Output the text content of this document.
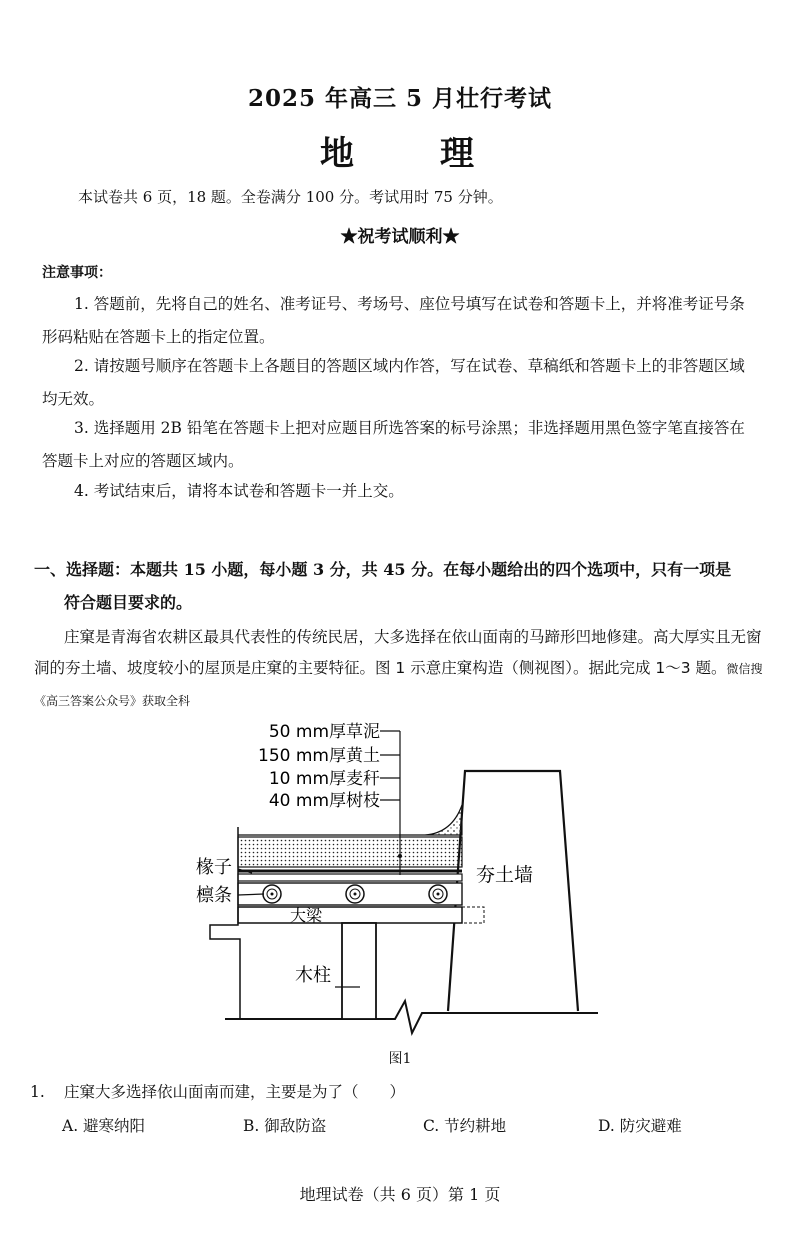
2025 年高三 5 月壮行考试
地　理
本试卷共 6 页，18 题。全卷满分 100 分。考试用时 75 分钟。
★祝考试顺利★
注意事项：
1. 答题前，先将自己的姓名、准考证号、考场号、座位号填写在试卷和答题卡上，并将准考证号条形码粘贴在答题卡上的指定位置。
2. 请按题号顺序在答题卡上各题目的答题区域内作答，写在试卷、草稿纸和答题卡上的非答题区域均无效。
3. 选择题用 2B 铅笔在答题卡上把对应题目所选答案的标号涂黑；非选择题用黑色签字笔直接答在答题卡上对应的答题区域内。
4. 考试结束后，请将本试卷和答题卡一并上交。
一、选择题：本题共 15 小题，每小题 3 分，共 45 分。在每小题给出的四个选项中，只有一项是
符合题目要求的。
庄窠是青海省农耕区最具代表性的传统民居，大多选择在依山面南的马蹄形凹地修建。高大厚实且无窗洞的夯土墙、坡度较小的屋顶是庄窠的主要特征。图 1 示意庄窠构造（侧视图）。据此完成 1～3 题。微信搜《高三答案公众号》获取全科
50 mm厚草泥
150 mm厚黄土
10 mm厚麦秆
40 mm厚树枝
椽子
檩条
大梁
夯土墙
木柱
图1
1. 庄窠大多选择依山面南而建，主要是为了（　　）
A. 避寒纳阳	B. 御敌防盗	C. 节约耕地	D. 防灾避难
地理试卷（共 6 页）第 1 页
